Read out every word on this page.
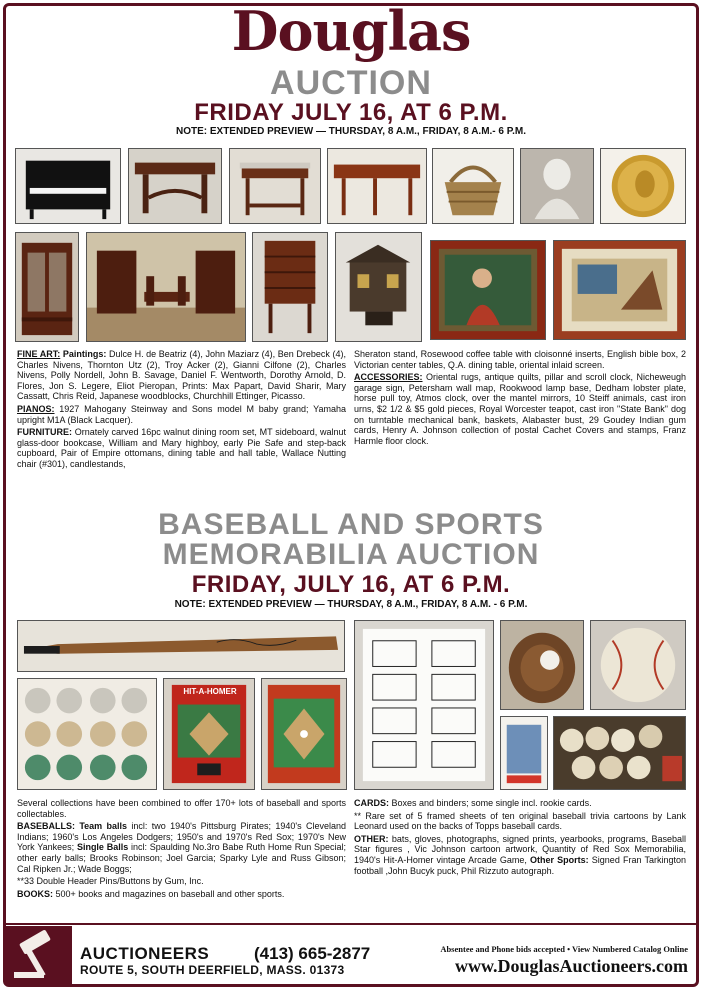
Douglas
AUCTION
FRIDAY JULY 16, AT 6 P.M.
NOTE: EXTENDED PREVIEW — THURSDAY, 8 A.M., FRIDAY, 8 A.M.- 6 P.M.

FINE ART: Paintings: Dulce H. de Beatriz (4), John Maziarz (4), Ben Drebeck (4), Charles Nivens, Thornton Utz (2), Troy Acker (2), Gianni Cilfone (2), Charles Nivens, Polly Nordell, John B. Savage, Daniel F. Wentworth, Dorothy Arnold, D. Flores, Jon S. Legere, Eliot Pieropan, Prints: Max Papart, David Sharir, Mary Cassatt, Chris Reid, Japanese woodblocks, Churchhill Ettinger, Picasso.

PIANOS: 1927 Mahogany Steinway and Sons model M baby grand; Yamaha upright M1A (Black Lacquer).

FURNITURE: Ornately carved 16pc walnut dining room set, MT sideboard, walnut glass-door bookcase, William and Mary highboy, early Pie Safe and step-back cupboard, Pair of Empire ottomans, dining table and hall table, Wallace Nutting chair (#301), candlestands,

Sheraton stand, Rosewood coffee table with cloisonné inserts, English bible box, 2 Victorian center tables, Q.A. dining table, oriental inlaid screen.

ACCESSORIES: Oriental rugs, antique quilts, pillar and scroll clock, Nicheweugh garage sign, Petersham wall map, Rookwood lamp base, Dedham lobster plate, horse pull toy, Atmos clock, over the mantel mirrors, 10 Steiff animals, cast iron urns, $2 1/2 & $5 gold pieces, Royal Worcester teapot, cast iron "State Bank" dog on turntable mechanical bank, baskets, Alabaster bust, 29 Goudey Indian gum cards, Henry A. Johnson collection of postal Cachet Covers and stamps, Franz Harmle floor clock.

BASEBALL AND SPORTS
MEMORABILIA AUCTION
FRIDAY, JULY 16, AT 6 P.M.
NOTE: EXTENDED PREVIEW — THURSDAY, 8 A.M., FRIDAY, 8 A.M. - 6 P.M.
HIT-A-HOMER

Several collections have been combined to offer 170+ lots of baseball and sports collectables.

BASEBALLS: Team balls incl: two 1940's Pittsburg Pirates; 1940's Cleveland Indians; 1960's Los Angeles Dodgers; 1950's and 1970's Red Sox; 1970's New York Yankees; Single Balls incl: Spaulding No.3ro Babe Ruth Home Run Special; other early balls; Brooks Robinson; Joel Garcia; Sparky Lyle and Russ Gibson; Cal Ripken Jr.; Wade Boggs;

**33 Double Header Pins/Buttons by Gum, Inc.

BOOKS: 500+ books and magazines on baseball and other sports.

CARDS: Boxes and binders; some single incl. rookie cards.

** Rare set of 5 framed sheets of ten original baseball trivia cartoons by Lank Leonard used on the backs of Topps baseball cards.

OTHER: bats, gloves, photographs, signed prints, yearbooks, programs, Baseball Star figures , Vic Johnson cartoon artwork, Quantity of Red Sox Memorabilia, 1940's Hit-A-Homer vintage Arcade Game, Other Sports: Signed Fran Tarkington football ,John Bucyk puck, Phil Rizzuto autograph.

AUCTIONEERS	(413) 665-2877
ROUTE 5, SOUTH DEERFIELD, MASS. 01373
Absentee and Phone bids accepted • View Numbered Catalog Online
www.DouglasAuctioneers.com
